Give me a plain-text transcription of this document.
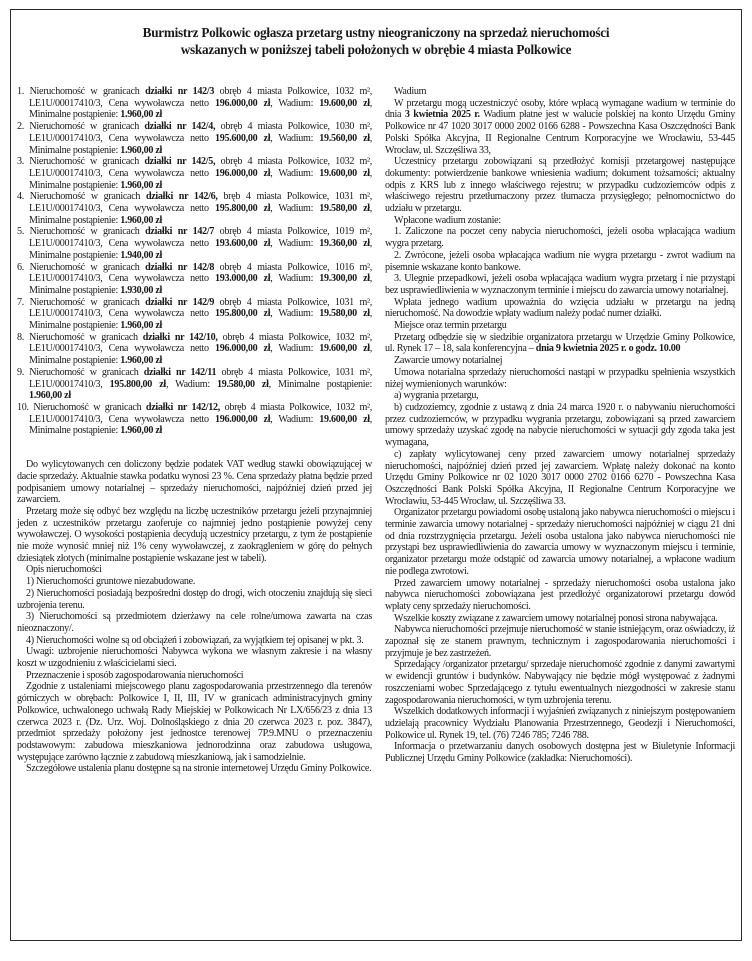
Burmistrz Polkowic ogłasza przetarg ustny nieograniczony na sprzedaż nieruchomości
wskazanych w poniższej tabeli położonych w obrębie 4 miasta Polkowice

1. Nieruchomość w granicach działki nr 142/3 obręb 4 miasta Polkowice, 1032 m², LE1U/00017410/3, Cena wywoławcza netto 196.000,00 zł, Wadium: 19.600,00 zł, Minimalne postąpienie: 1.960,00 zł

2. Nieruchomość w granicach działki nr 142/4, obręb 4 miasta Polkowice, 1030 m², LE1U/00017410/3, Cena wywoławcza netto 195.600,00 zł, Wadium: 19.560,00 zł, Minimalne postąpienie: 1.960,00 zł

3. Nieruchomość w granicach działki nr 142/5, obręb 4 miasta Polkowice, 1032 m², LE1U/00017410/3, Cena wywoławcza netto 196.000,00 zł, Wadium: 19.600,00 zł, Minimalne postąpienie: 1.960,00 zł

4. Nieruchomość w granicach działki nr 142/6, bręb 4 miasta Polkowice, 1031 m², LE1U/00017410/3, Cena wywoławcza netto 195.800,00 zł, Wadium: 19.580,00 zł, Minimalne postąpienie: 1.960,00 zł

5. Nieruchomość w granicach działki nr 142/7 obręb 4 miasta Polkowice, 1019 m², LE1U/00017410/3, Cena wywoławcza netto 193.600,00 zł, Wadium: 19.360,00 zł, Minimalne postąpienie: 1.940,00 zł

6. Nieruchomość w granicach działki nr 142/8 obręb 4 miasta Polkowice, 1016 m², LE1U/00017410/3, Cena wywoławcza netto 193.000,00 zł, Wadium: 19.300,00 zł, Minimalne postąpienie: 1.930,00 zł

7. Nieruchomość w granicach działki nr 142/9 obręb 4 miasta Polkowice, 1031 m², LE1U/00017410/3, Cena wywoławcza netto 195.800,00 zł, Wadium: 19.580,00 zł, Minimalne postąpienie: 1.960,00 zł

8. Nieruchomość w granicach działki nr 142/10, obręb 4 miasta Polkowice, 1032 m², LE1U/00017410/3, Cena wywoławcza netto 196.000,00 zł, Wadium: 19.600,00 zł, Minimalne postąpienie: 1.960,00 zł

9. Nieruchomość w granicach działki nr 142/11 obręb 4 miasta Polkowice, 1031 m², LE1U/00017410/3, 195.800,00 zł, Wadium: 19.580,00 zł, Minimalne postąpienie: 1.960,00 zł

10. Nieruchomość w granicach działki nr 142/12, obręb 4 miasta Polkowice, 1032 m², LE1U/00017410/3, Cena wywoławcza netto 196.000,00 zł, Wadium: 19.600,00 zł, Minimalne postąpienie: 1.960,00 zł

Do wylicytowanych cen doliczony będzie podatek VAT według stawki obowiązującej w dacie sprzedaży. Aktualnie stawka podatku wynosi 23 %. Cena sprzedaży płatna będzie przed podpisaniem umowy notarialnej – sprzedaży nieruchomości, najpóźniej dzień przed jej zawarciem.

Przetarg może się odbyć bez względu na liczbę uczestników przetargu jeżeli przynajmniej jeden z uczestników przetargu zaoferuje co najmniej jedno postąpienie powyżej ceny wywoławczej. O wysokości postąpienia decydują uczestnicy przetargu, z tym że postąpienie nie może wynosić mniej niż 1% ceny wywoławczej, z zaokrągleniem w górę do pełnych dziesiątek złotych (minimalne postąpienie wskazane jest w tabeli).

Opis nieruchomości

1) Nieruchomości gruntowe niezabudowane.

2) Nieruchomości posiadają bezpośredni dostęp do drogi, wich otoczeniu znajdują się sieci uzbrojenia terenu.

3) Nieruchomości są przedmiotem dzierżawy na cele rolne/umowa zawarta na czas nieoznaczony/.

4) Nieruchomości wolne są od obciążeń i zobowiązań, za wyjątkiem tej opisanej w pkt. 3.

Uwagi: uzbrojenie nieruchomości Nabywca wykona we własnym zakresie i na własny koszt w uzgodnieniu z właścicielami sieci.

Przeznaczenie i sposób zagospodarowania nieruchomości

Zgodnie z ustaleniami miejscowego planu zagospodarowania przestrzennego dla terenów górniczych w obrębach: Polkowice I, II, III, IV w granicach administracyjnych gminy Polkowice, uchwalonego uchwałą Rady Miejskiej w Polkowicach Nr LX/656/23 z dnia 13 czerwca 2023 r. (Dz. Urz. Woj. Dolnośląskiego z dnia 20 czerwca 2023 r. poz. 3847), przedmiot sprzedaży położony jest jednostce terenowej 7P.9.MNU o przeznaczeniu podstawowym: zabudowa mieszkaniowa jednorodzinna oraz zabudowa usługowa, występujące zarówno łącznie z zabudową mieszkaniową, jak i samodzielnie.

Szczegółowe ustalenia planu dostępne są na stronie internetowej Urzędu Gminy Polkowice.

Wadium

W przetargu mogą uczestniczyć osoby, które wpłacą wymagane wadium w terminie do dnia 3 kwietnia 2025 r. Wadium płatne jest w walucie polskiej na konto Urzędu Gminy Polkowice nr 47 1020 3017 0000 2002 0166 6288 - Powszechna Kasa Oszczędności Bank Polski Spółka Akcyjna, II Regionalne Centrum Korporacyjne we Wrocławiu, 53-445 Wrocław, ul. Szczęśliwa 33,

Uczestnicy przetargu zobowiązani są przedłożyć komisji przetargowej następujące dokumenty: potwierdzenie bankowe wniesienia wadium; dokument tożsamości; aktualny odpis z KRS lub z innego właściwego rejestru; w przypadku cudzoziemców odpis z właściwego rejestru przetłumaczony przez tłumacza przysięgłego; pełnomocnictwo do udziału w przetargu.

Wpłacone wadium zostanie:

1. Zaliczone na poczet ceny nabycia nieruchomości, jeżeli osoba wpłacająca wadium wygra przetarg.

2. Zwrócone, jeżeli osoba wpłacająca wadium nie wygra przetargu - zwrot wadium na pisemnie wskazane konto bankowe.

3. Ulegnie przepadkowi, jeżeli osoba wpłacająca wadium wygra przetarg i nie przystąpi bez usprawiedliwienia w wyznaczonym terminie i miejscu do zawarcia umowy notarialnej.

Wpłata jednego wadium upoważnia do wzięcia udziału w przetargu na jedną nieruchomość. Na dowodzie wpłaty wadium należy podać numer działki.

Miejsce oraz termin przetargu

Przetarg odbędzie się w siedzibie organizatora przetargu w Urzędzie Gminy Polkowice, ul. Rynek 17 – 18, sala konferencyjna – dnia 9 kwietnia 2025 r. o godz. 10.00

Zawarcie umowy notarialnej

Umowa notarialna sprzedaży nieruchomości nastąpi w przypadku spełnienia wszystkich niżej wymienionych warunków:

a) wygrania przetargu,

b) cudzoziemcy, zgodnie z ustawą z dnia 24 marca 1920 r. o nabywaniu nieruchomości przez cudzoziemców, w przypadku wygrania przetargu, zobowiązani są przed zawarciem umowy sprzedaży uzyskać zgodę na nabycie nieruchomości w sytuacji gdy zgoda taka jest wymagana,

c) zapłaty wylicytowanej ceny przed zawarciem umowy notarialnej sprzedaży nieruchomości, najpóźniej dzień przed jej zawarciem. Wpłatę należy dokonać na konto Urzędu Gminy Polkowice nr 02 1020 3017 0000 2702 0166 6270 - Powszechna Kasa Oszczędności Bank Polski Spółka Akcyjna, II Regionalne Centrum Korporacyjne we Wrocławiu, 53-445 Wrocław, ul. Szczęśliwa 33.

Organizator przetargu powiadomi osobę ustaloną jako nabywca nieruchomości o miejscu i terminie zawarcia umowy notarialnej - sprzedaży nieruchomości najpóźniej w ciągu 21 dni od dnia rozstrzygnięcia przetargu. Jeżeli osoba ustalona jako nabywca nieruchomości nie przystąpi bez usprawiedliwienia do zawarcia umowy w wyznaczonym miejscu i terminie, organizator przetargu może odstąpić od zawarcia umowy notarialnej, a wpłacone wadium nie podlega zwrotowi.

Przed zawarciem umowy notarialnej - sprzedaży nieruchomości osoba ustalona jako nabywca nieruchomości zobowiązana jest przedłożyć organizatorowi przetargu dowód wpłaty ceny sprzedaży nieruchomości.

Wszelkie koszty związane z zawarciem umowy notarialnej ponosi strona nabywająca.

Nabywca nieruchomości przejmuje nieruchomość w stanie istniejącym, oraz oświadczy, iż zapoznał się ze stanem prawnym, technicznym i zagospodarowania nieruchomości i przyjmuje je bez zastrzeżeń.

Sprzedający /organizator przetargu/ sprzedaje nieruchomość zgodnie z danymi zawartymi w ewidencji gruntów i budynków. Nabywający nie będzie mógł występować z żadnymi roszczeniami wobec Sprzedającego z tytułu ewentualnych niezgodności w zakresie stanu zagospodarowania nieruchomości, w tym uzbrojenia terenu.

Wszelkich dodatkowych informacji i wyjaśnień związanych z niniejszym postępowaniem udzielają pracownicy Wydziału Planowania Przestrzennego, Geodezji i Nieruchomości, Polkowice ul. Rynek 19, tel. (76) 7246 785; 7246 788.

Informacja o przetwarzaniu danych osobowych dostępna jest w Biuletynie Informacji Publicznej Urzędu Gminy Polkowice (zakładka: Nieruchomości).
